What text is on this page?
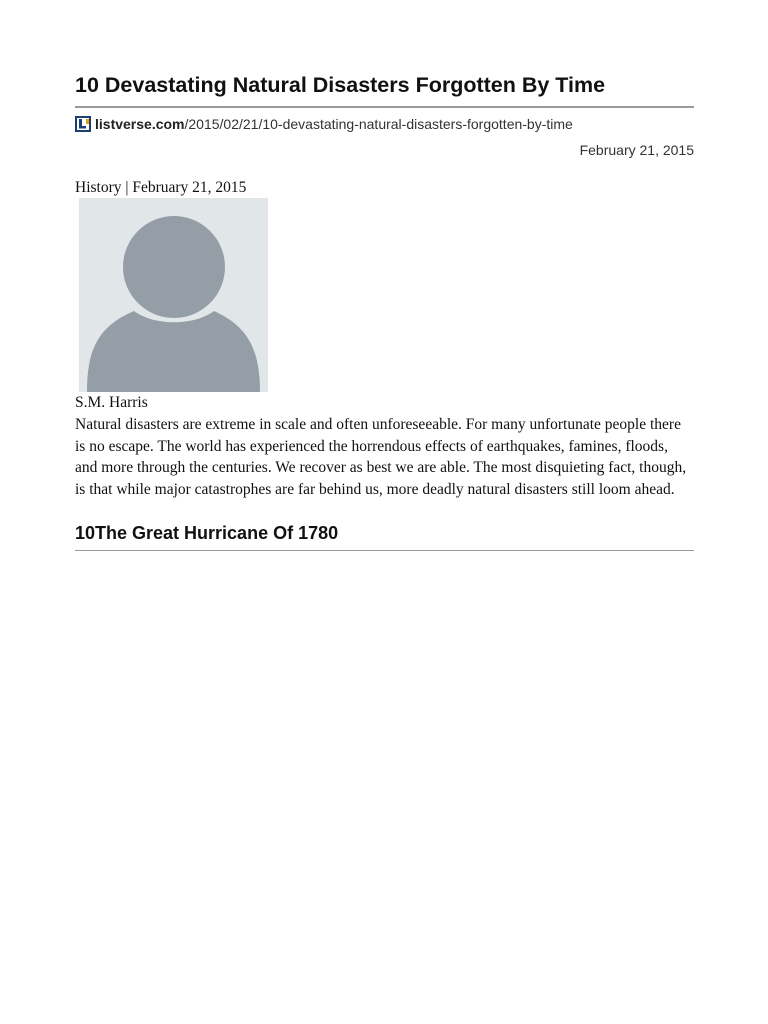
10 Devastating Natural Disasters Forgotten By Time
listverse.com /2015/02/21/10-devastating-natural-disasters-forgotten-by-time
February 21, 2015
History | February 21, 2015
S.M. Harris

Natural disasters are extreme in scale and often unforeseeable. For many unfortunate people there is no escape. The world has experienced the horrendous effects of earthquakes, famines, floods, and more through the centuries. We recover as best we are able. The most disquieting fact, though, is that while major catastrophes are far behind us, more deadly natural disasters still loom ahead.

10The Great Hurricane Of 1780
